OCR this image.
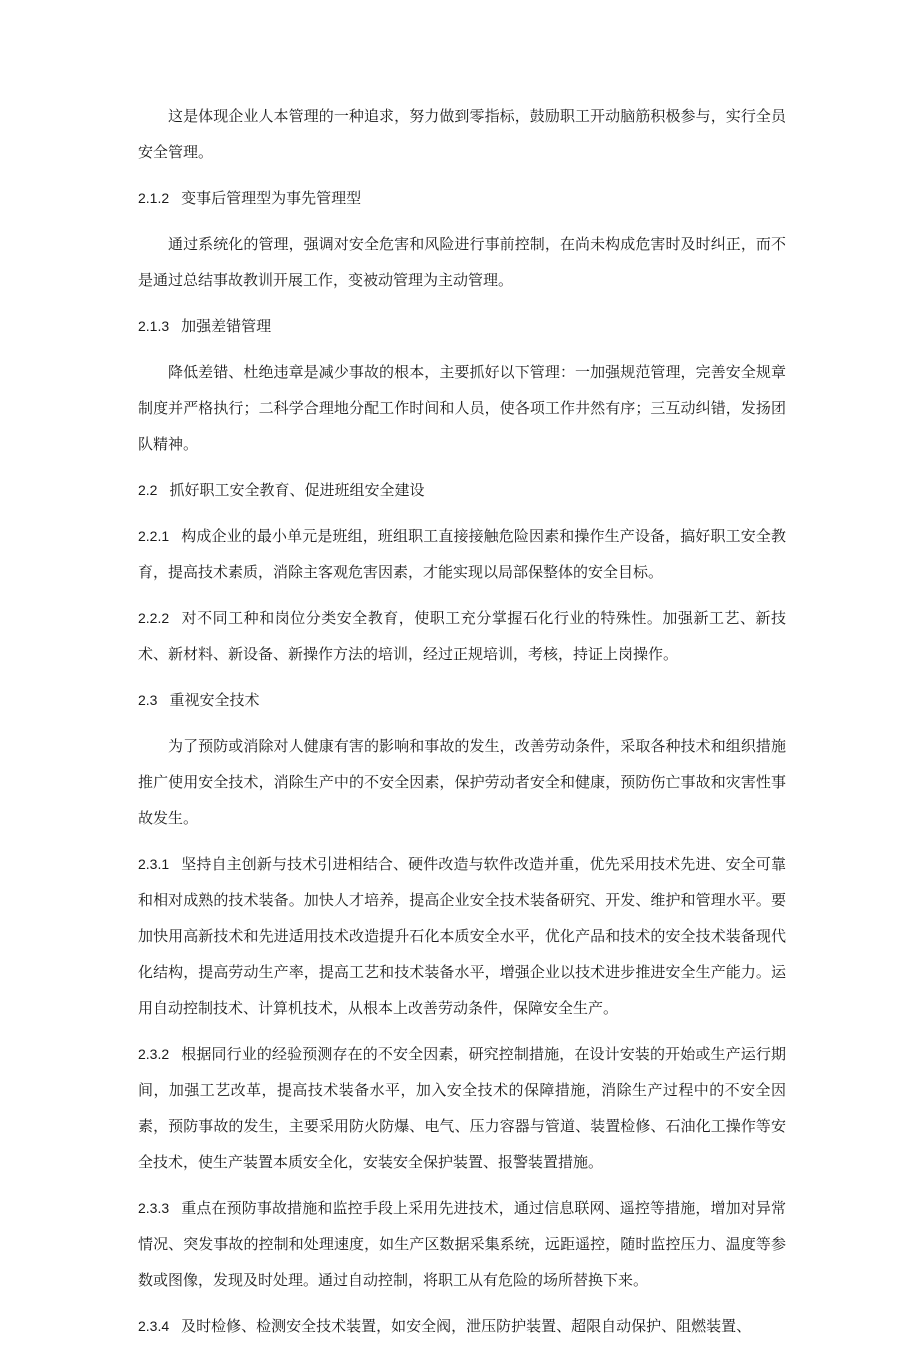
这是体现企业人本管理的一种追求，努力做到零指标，鼓励职工开动脑筋积极参与，实行全员安全管理。

2.1.2 变事后管理型为事先管理型

通过系统化的管理，强调对安全危害和风险进行事前控制，在尚未构成危害时及时纠正，而不是通过总结事故教训开展工作，变被动管理为主动管理。

2.1.3 加强差错管理

降低差错、杜绝违章是减少事故的根本，主要抓好以下管理：一加强规范管理，完善安全规章制度并严格执行；二科学合理地分配工作时间和人员，使各项工作井然有序；三互动纠错，发扬团队精神。

2.2 抓好职工安全教育、促进班组安全建设

2.2.1 构成企业的最小单元是班组，班组职工直接接触危险因素和操作生产设备，搞好职工安全教育，提高技术素质，消除主客观危害因素，才能实现以局部保整体的安全目标。

2.2.2 对不同工种和岗位分类安全教育，使职工充分掌握石化行业的特殊性。加强新工艺、新技术、新材料、新设备、新操作方法的培训，经过正规培训，考核，持证上岗操作。

2.3 重视安全技术

为了预防或消除对人健康有害的影响和事故的发生，改善劳动条件，采取各种技术和组织措施推广使用安全技术，消除生产中的不安全因素，保护劳动者安全和健康，预防伤亡事故和灾害性事故发生。

2.3.1 坚持自主创新与技术引进相结合、硬件改造与软件改造并重，优先采用技术先进、安全可靠和相对成熟的技术装备。加快人才培养，提高企业安全技术装备研究、开发、维护和管理水平。要加快用高新技术和先进适用技术改造提升石化本质安全水平，优化产品和技术的安全技术装备现代化结构，提高劳动生产率，提高工艺和技术装备水平，增强企业以技术进步推进安全生产能力。运用自动控制技术、计算机技术，从根本上改善劳动条件，保障安全生产。

2.3.2 根据同行业的经验预测存在的不安全因素，研究控制措施，在设计安装的开始或生产运行期间，加强工艺改革，提高技术装备水平，加入安全技术的保障措施，消除生产过程中的不安全因素，预防事故的发生，主要采用防火防爆、电气、压力容器与管道、装置检修、石油化工操作等安全技术，使生产装置本质安全化，安装安全保护装置、报警装置措施。

2.3.3 重点在预防事故措施和监控手段上采用先进技术，通过信息联网、遥控等措施，增加对异常情况、突发事故的控制和处理速度，如生产区数据采集系统，远距遥控，随时监控压力、温度等参数或图像，发现及时处理。通过自动控制，将职工从有危险的场所替换下来。

2.3.4 及时检修、检测安全技术装置，如安全阀，泄压防护装置、超限自动保护、阻燃装置、
